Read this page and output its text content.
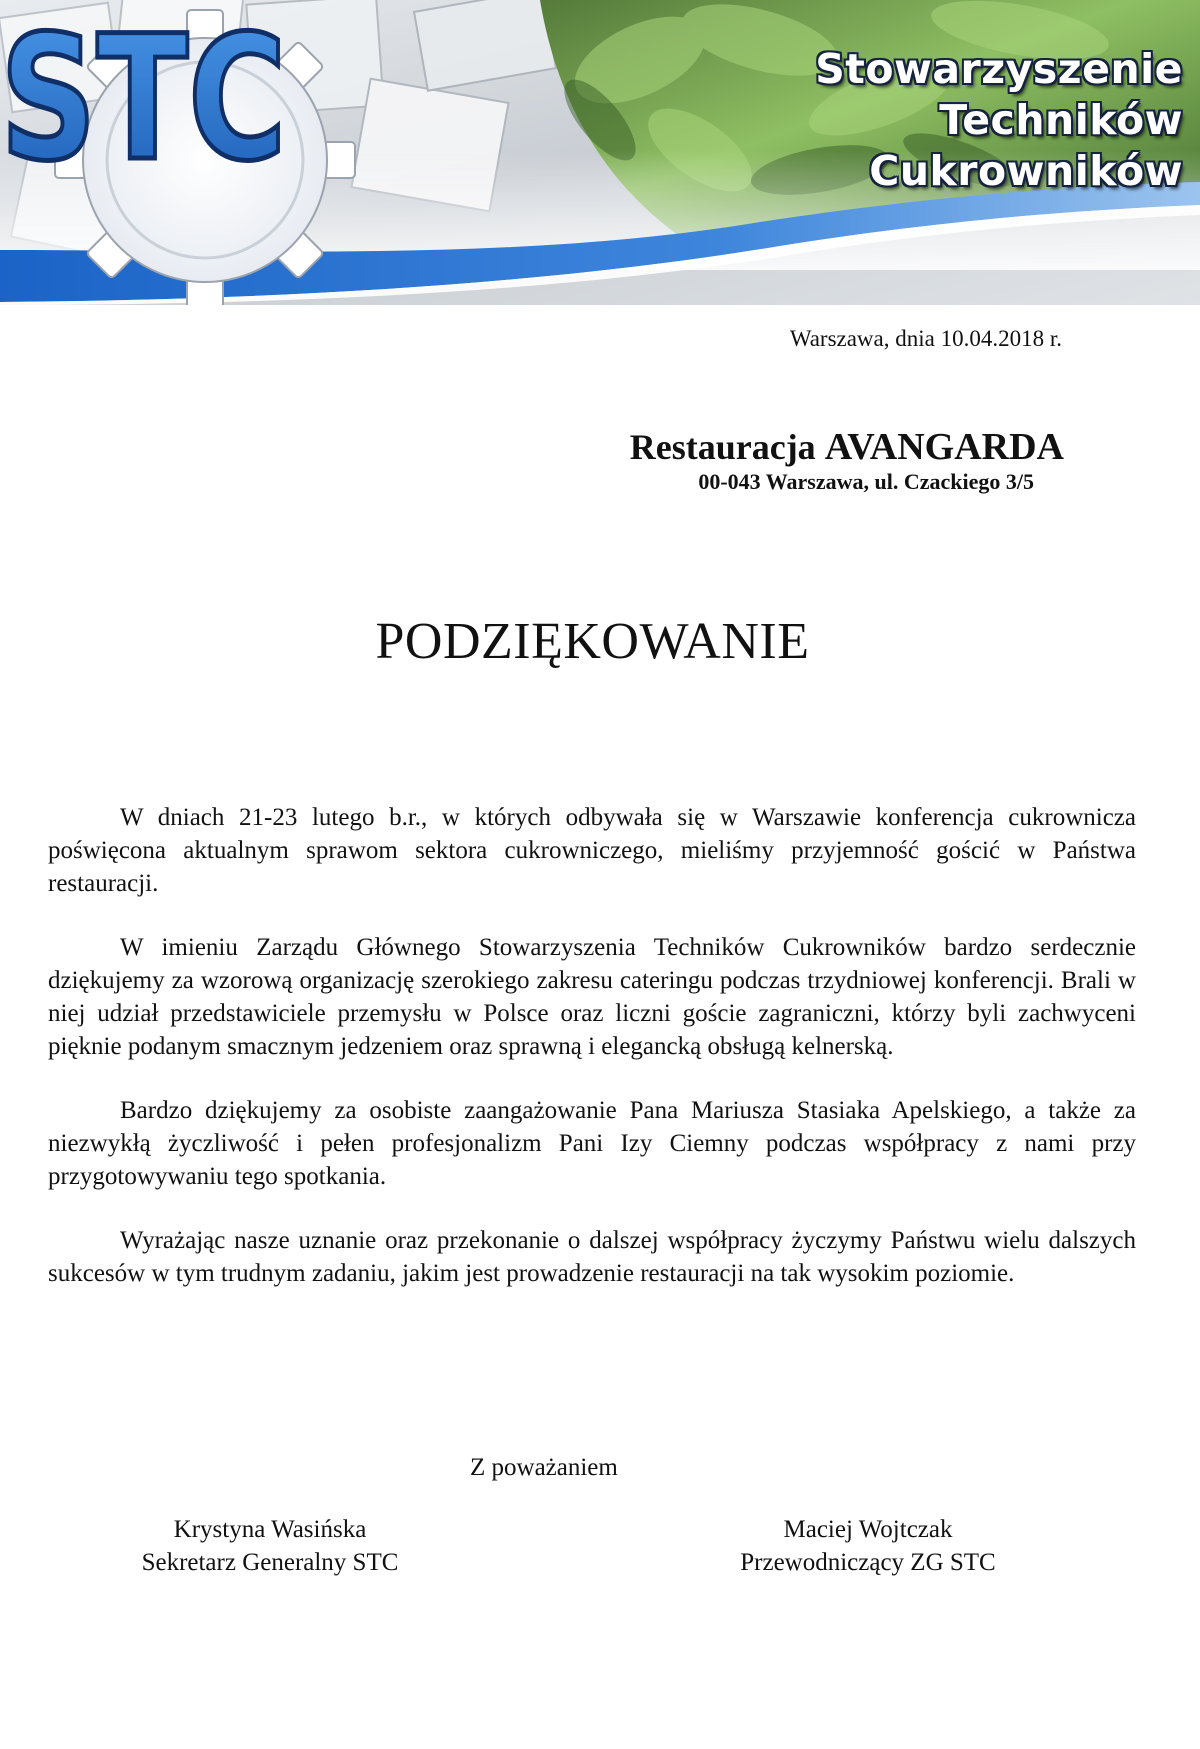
STC	Stowarzyszenie
Techników
Cukrowników
Warszawa, dnia 10.04.2018 r.
Restauracja AVANGARDA
00-043 Warszawa, ul. Czackiego 3/5
PODZIĘKOWANIE

W dniach 21-23 lutego b.r., w których odbywała się w Warszawie konferencja cukrownicza poświęcona aktualnym sprawom sektora cukrowniczego, mieliśmy przyjemność gościć w Państwa restauracji.

W imieniu Zarządu Głównego Stowarzyszenia Techników Cukrowników bardzo serdecznie dziękujemy za wzorową organizację szerokiego zakresu cateringu podczas trzydniowej konferencji. Brali w niej udział przedstawiciele przemysłu w Polsce oraz liczni goście zagraniczni, którzy byli zachwyceni pięknie podanym smacznym jedzeniem oraz sprawną i elegancką obsługą kelnerską.

Bardzo dziękujemy za osobiste zaangażowanie Pana Mariusza Stasiaka Apelskiego, a także za niezwykłą życzliwość i pełen profesjonalizm Pani Izy Ciemny podczas współpracy z nami przy przygotowywaniu tego spotkania.

Wyrażając nasze uznanie oraz przekonanie o dalszej współpracy życzymy Państwu wielu dalszych sukcesów w tym trudnym zadaniu, jakim jest prowadzenie restauracji na tak wysokim poziomie.

Z poważaniem
Krystyna Wasińska
Sekretarz Generalny STC
Maciej Wojtczak
Przewodniczący ZG STC
